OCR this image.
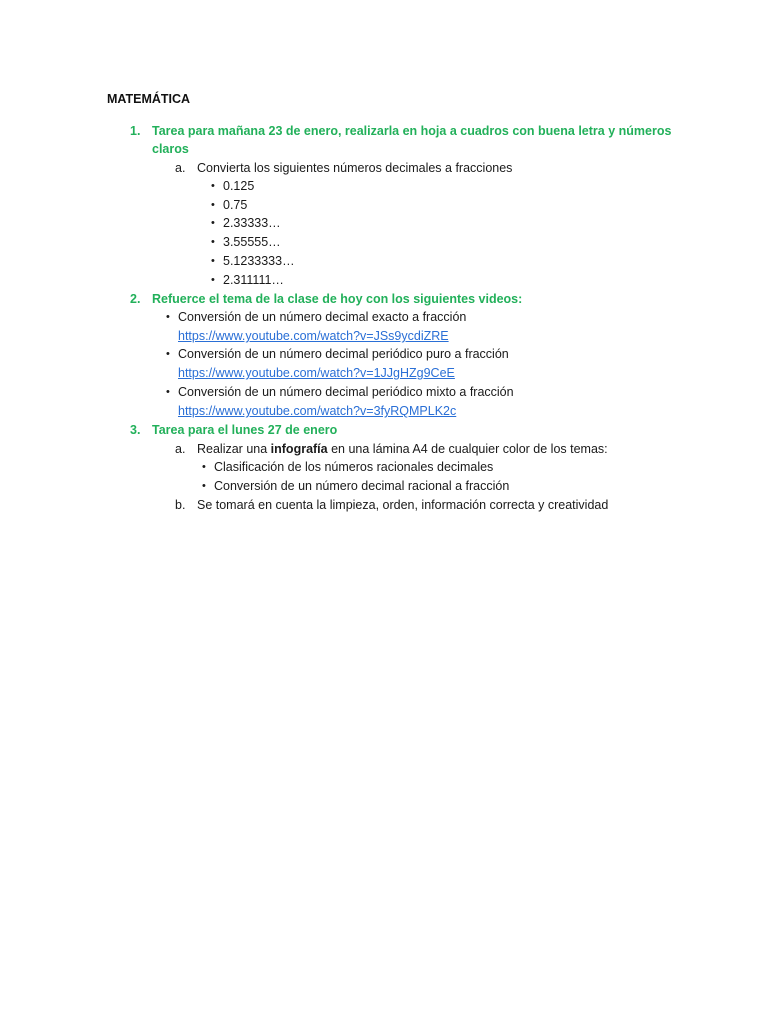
MATEMÁTICA
1. Tarea para mañana 23 de enero, realizarla en hoja a cuadros con buena letra y números
claros
a. Convierta los siguientes números decimales a fracciones
• 0.125
• 0.75
• 2.33333…
• 3.55555…
• 5.1233333…
• 2.311111…
2. Refuerce el tema de la clase de hoy con los siguientes videos:
• Conversión de un número decimal exacto a fracción
https://www.youtube.com/watch?v=JSs9ycdiZRE
• Conversión de un número decimal periódico puro a fracción
https://www.youtube.com/watch?v=1JJgHZg9CeE
• Conversión de un número decimal periódico mixto a fracción
https://www.youtube.com/watch?v=3fyRQMPLK2c
3. Tarea para el lunes 27 de enero
a. Realizar una infografía en una lámina A4 de cualquier color de los temas:
• Clasificación de los números racionales decimales
• Conversión de un número decimal racional a fracción
b. Se tomará en cuenta la limpieza, orden, información correcta y creatividad
